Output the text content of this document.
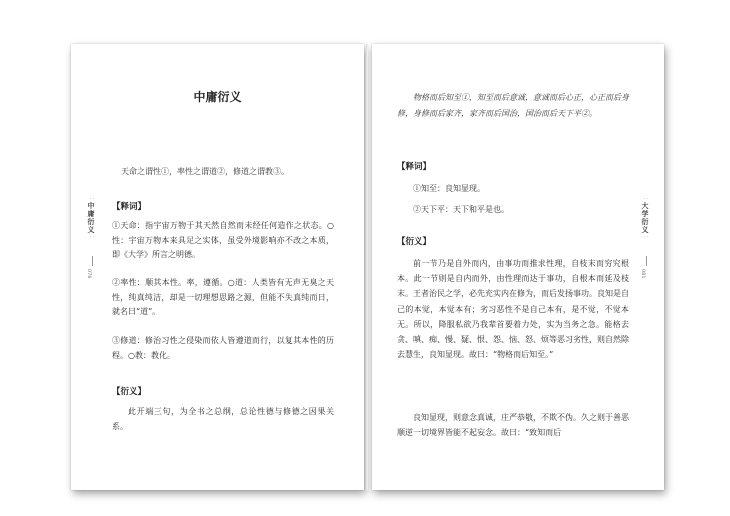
· ·
中庸衍义
· ·
076
中庸衍义
天命之谓性①，率性之谓道②，修道之谓教③。
【释词】
①天命：指宇宙万物于其天然自然而未经任何造作之状态。○性：宇宙万物本来具足之实体，虽受外境影响亦不改之本质，即《大学》所言之明德。
②率性：顺其本性。率，遵循。○道：人类皆有无声无臭之天性，纯真纯洁，却是一切理想思路之源，但能不失真纯而日，就名曰“道”。
③修道：修治习性之侵染而依人皆遵道而行，以复其本性的历程。○教：教化。
【衍义】
此开端三句，为全书之总纲，总论性德与修德之因果关系。
· ·
大学衍义
· ·
081
物格而后知至①，知至而后意诚，意诚而后心正，心正而后身修，身修而后家齐，家齐而后国治，国治而后天下平②。
【释词】
①知至：良知显现。
②天下平：天下和平是也。
【衍义】
前一节乃是自外而内，由事功而推求性理，自枝末而穷究根本。此一节则是自内而外，由性理而达于事功，自根本而延及枝末。王者治民之学，必先充实内在修为，而后发扬事功。良知是自己的本觉，本觉本有；劣习恶性不是自己本有，是不觉，不觉本无。所以，降服私欲乃我辈首要着力处，实为当务之急。能格去贪、嗔、痴、慢、疑、恨、怨、恼、怒、烦等恶习劣性，则自然除去慧生，良知显现。故曰：“物格而后知至。”
良知显现，则意念真诚，庄严恭敬，不欺不伪。久之则于善恶顺逆一切境界皆能不起妄念。故曰：“致知而后
